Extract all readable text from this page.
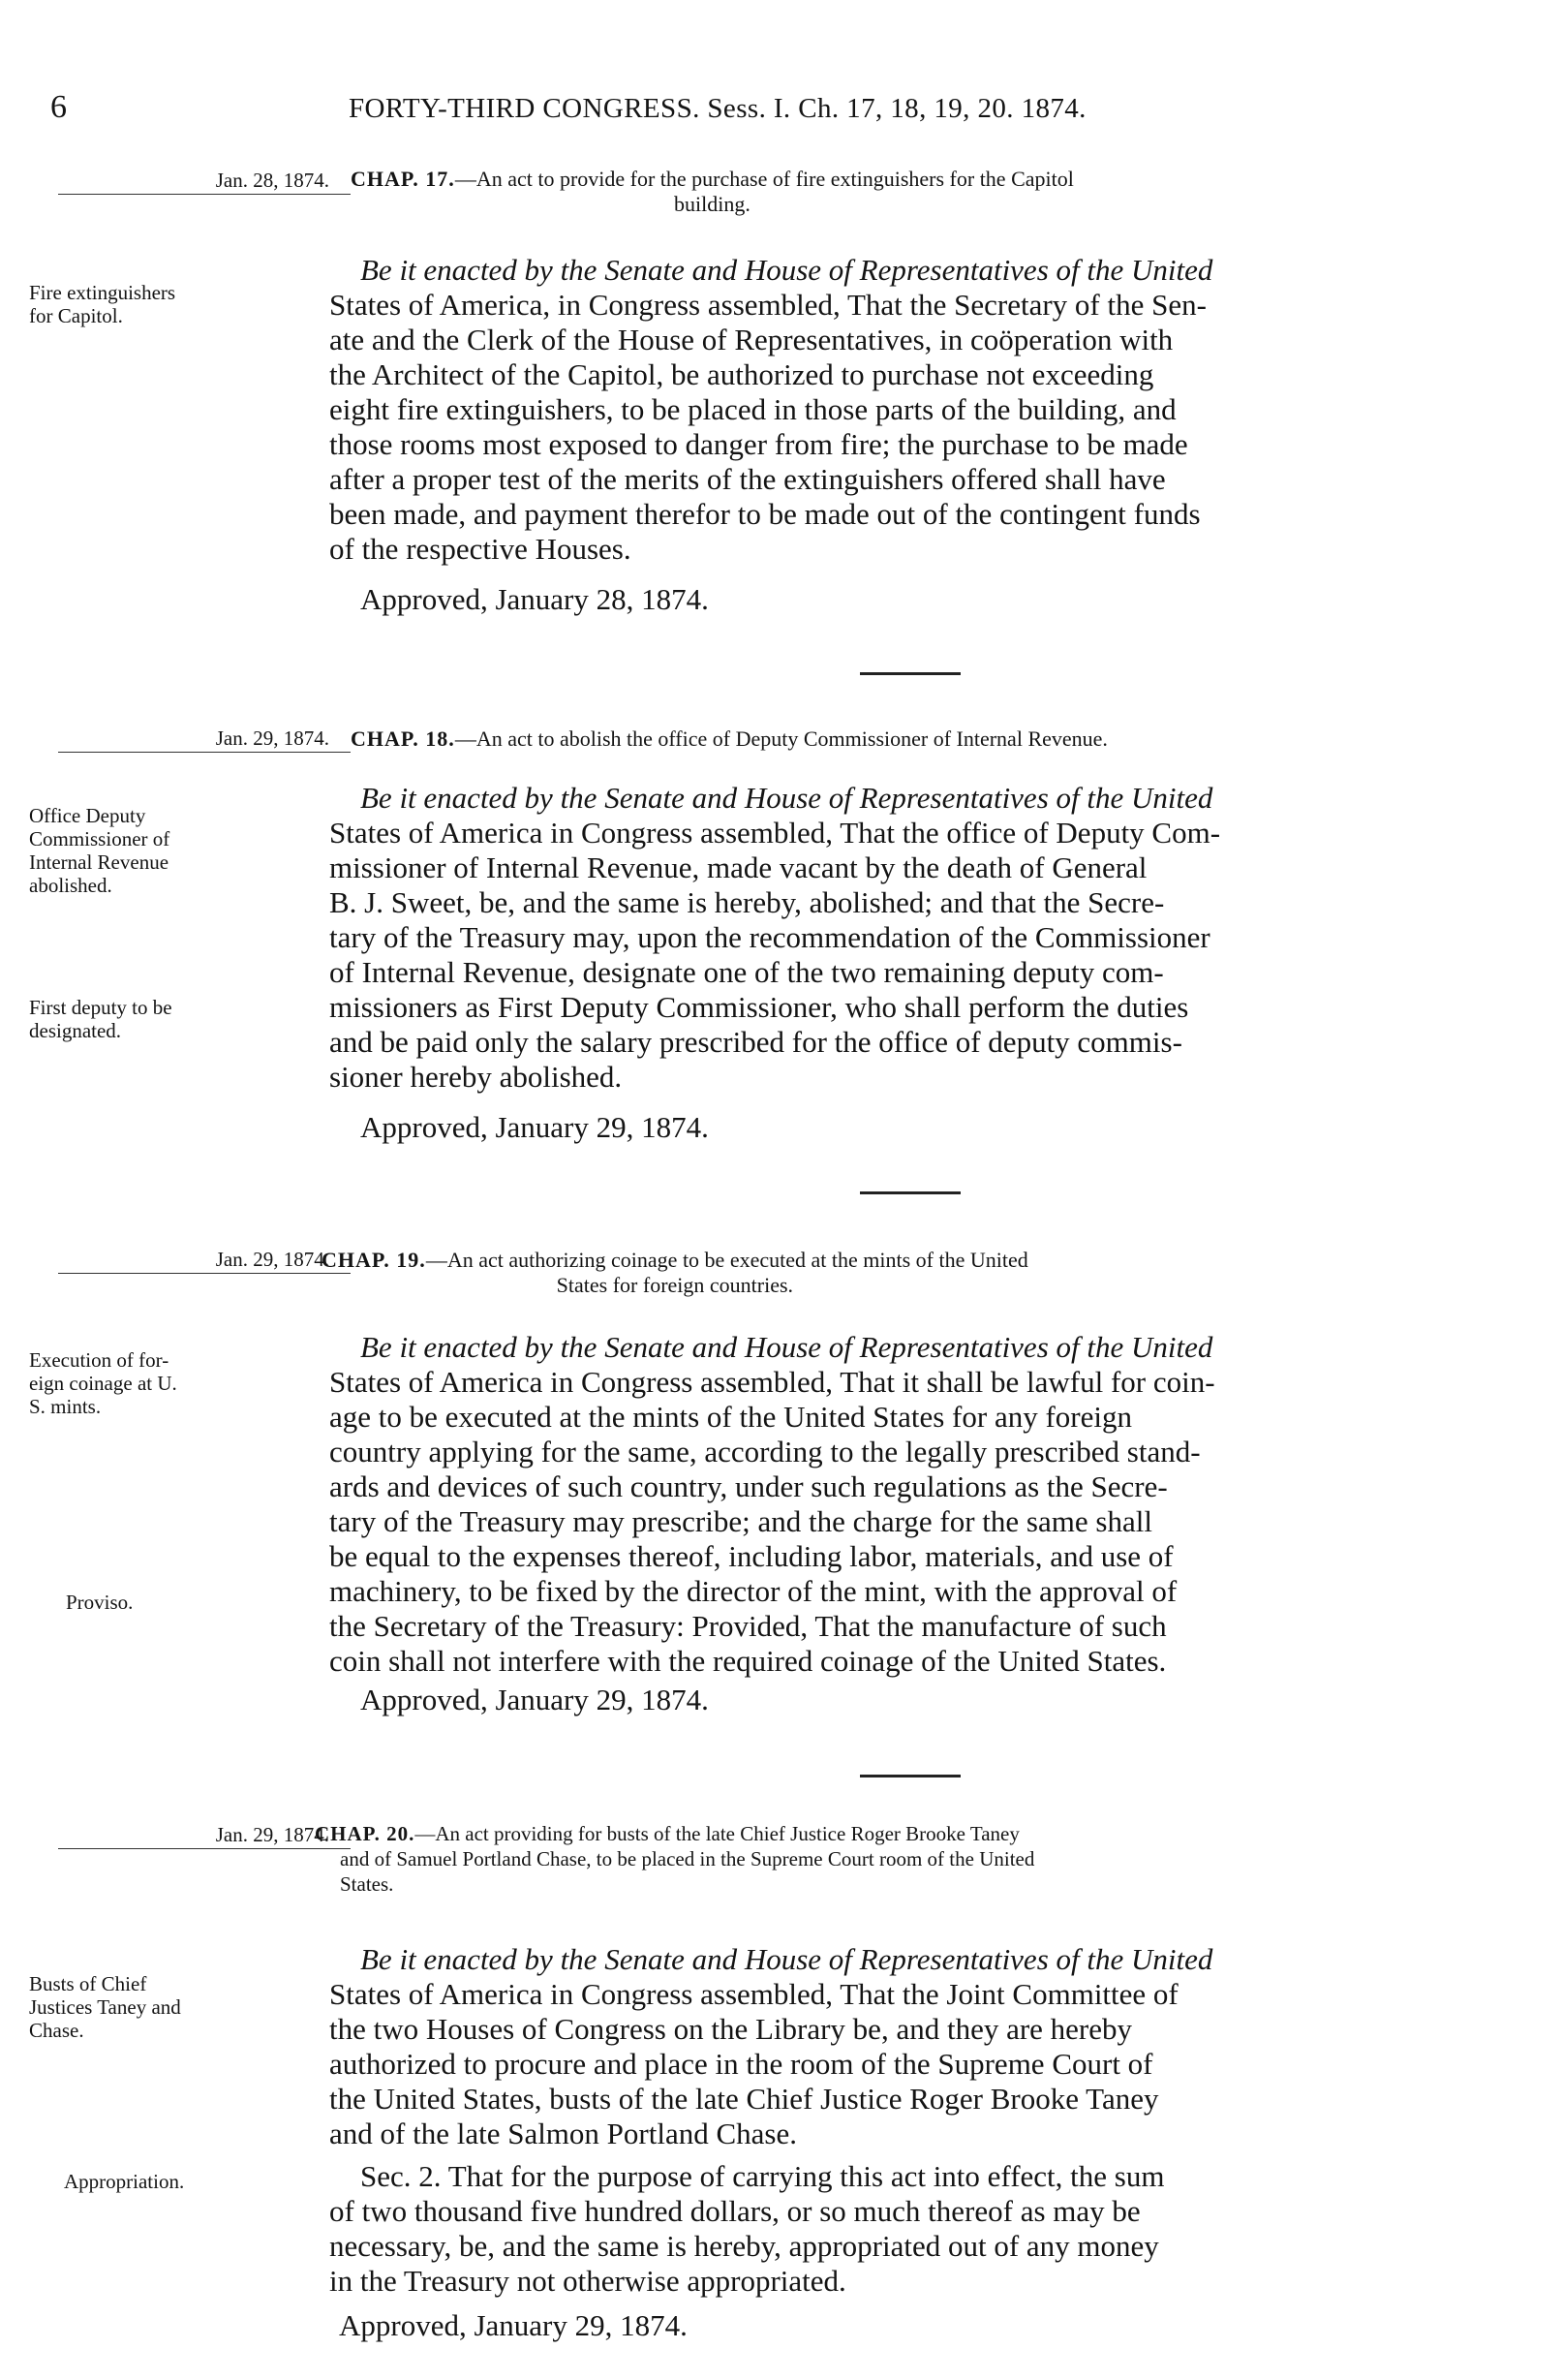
6	FORTY-THIRD CONGRESS. Sess. I. Ch. 17, 18, 19, 20. 1874.
Jan. 28, 1874.	CHAP. 17.—An act to provide for the purchase of fire extinguishers for the Capitol
building.
Fire extinguishers
for Capitol.
Be it enacted by the Senate and House of Representatives of the United
States of America, in Congress assembled, That the Secretary of the Sen-
ate and the Clerk of the House of Representatives, in coöperation with
the Architect of the Capitol, be authorized to purchase not exceeding
eight fire extinguishers, to be placed in those parts of the building, and
those rooms most exposed to danger from fire; the purchase to be made
after a proper test of the merits of the extinguishers offered shall have
been made, and payment therefor to be made out of the contingent funds
of the respective Houses.
Approved, January 28, 1874.
Jan. 29, 1874.	CHAP. 18.—An act to abolish the office of Deputy Commissioner of Internal Revenue.
Office Deputy
Commissioner of
Internal Revenue
abolished.
First deputy to be
designated.
Be it enacted by the Senate and House of Representatives of the United
States of America in Congress assembled, That the office of Deputy Com-
missioner of Internal Revenue, made vacant by the death of General
B. J. Sweet, be, and the same is hereby, abolished; and that the Secre-
tary of the Treasury may, upon the recommendation of the Commissioner
of Internal Revenue, designate one of the two remaining deputy com-
missioners as First Deputy Commissioner, who shall perform the duties
and be paid only the salary prescribed for the office of deputy commis-
sioner hereby abolished.
Approved, January 29, 1874.
Jan. 29, 1874.
CHAP. 19.—An act authorizing coinage to be executed at the mints of the United
States for foreign countries.
Execution of for-
eign coinage at U.
S. mints.
Proviso.
Be it enacted by the Senate and House of Representatives of the United
States of America in Congress assembled, That it shall be lawful for coin-
age to be executed at the mints of the United States for any foreign
country applying for the same, according to the legally prescribed stand-
ards and devices of such country, under such regulations as the Secre-
tary of the Treasury may prescribe; and the charge for the same shall
be equal to the expenses thereof, including labor, materials, and use of
machinery, to be fixed by the director of the mint, with the approval of
the Secretary of the Treasury: Provided, That the manufacture of such
coin shall not interfere with the required coinage of the United States.
Approved, January 29, 1874.
Jan. 29, 1874.
CHAP. 20.—An act providing for busts of the late Chief Justice Roger Brooke Taney
and of Samuel Portland Chase, to be placed in the Supreme Court room of the United
States.
Busts of Chief
Justices Taney and
Chase.
Appropriation.
Be it enacted by the Senate and House of Representatives of the United
States of America in Congress assembled, That the Joint Committee of
the two Houses of Congress on the Library be, and they are hereby
authorized to procure and place in the room of the Supreme Court of
the United States, busts of the late Chief Justice Roger Brooke Taney
and of the late Salmon Portland Chase.
Sec. 2. That for the purpose of carrying this act into effect, the sum
of two thousand five hundred dollars, or so much thereof as may be
necessary, be, and the same is hereby, appropriated out of any money
in the Treasury not otherwise appropriated.
Approved, January 29, 1874.
